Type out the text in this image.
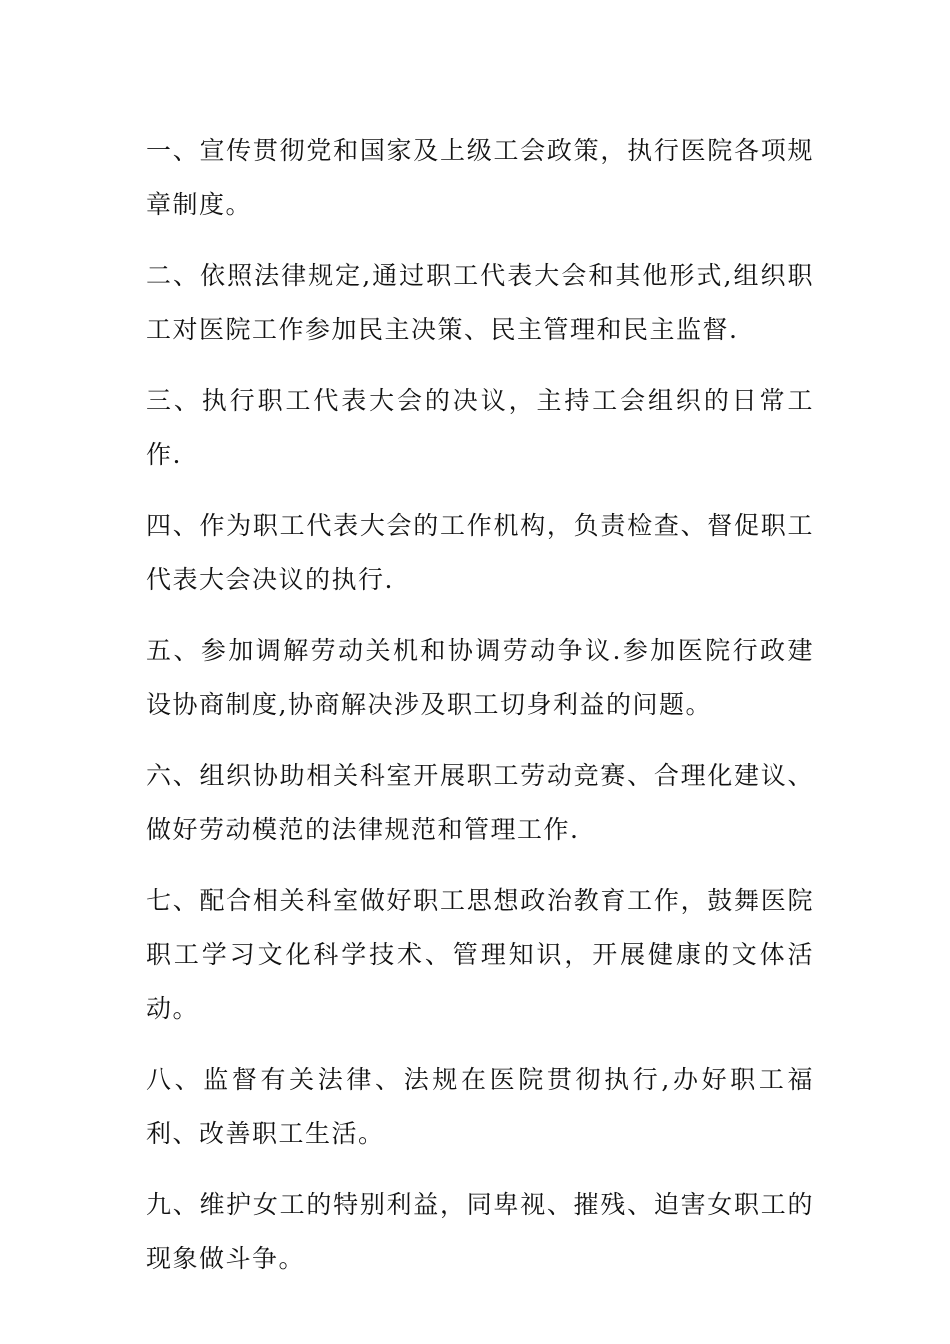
一、宣传贯彻党和国家及上级工会政策，执行医院各项规章制度。

二、依照法律规定,通过职工代表大会和其他形式,组织职工对医院工作参加民主决策、民主管理和民主监督.

三、执行职工代表大会的决议，主持工会组织的日常工作.

四、作为职工代表大会的工作机构，负责检查、督促职工代表大会决议的执行.

五、参加调解劳动关机和协调劳动争议.参加医院行政建设协商制度,协商解决涉及职工切身利益的问题。

六、组织协助相关科室开展职工劳动竞赛、合理化建议、做好劳动模范的法律规范和管理工作.

七、配合相关科室做好职工思想政治教育工作，鼓舞医院职工学习文化科学技术、管理知识，开展健康的文体活动。

八、监督有关法律、法规在医院贯彻执行,办好职工福利、改善职工生活。

九、维护女工的特别利益，同卑视、摧残、迫害女职工的现象做斗争。
